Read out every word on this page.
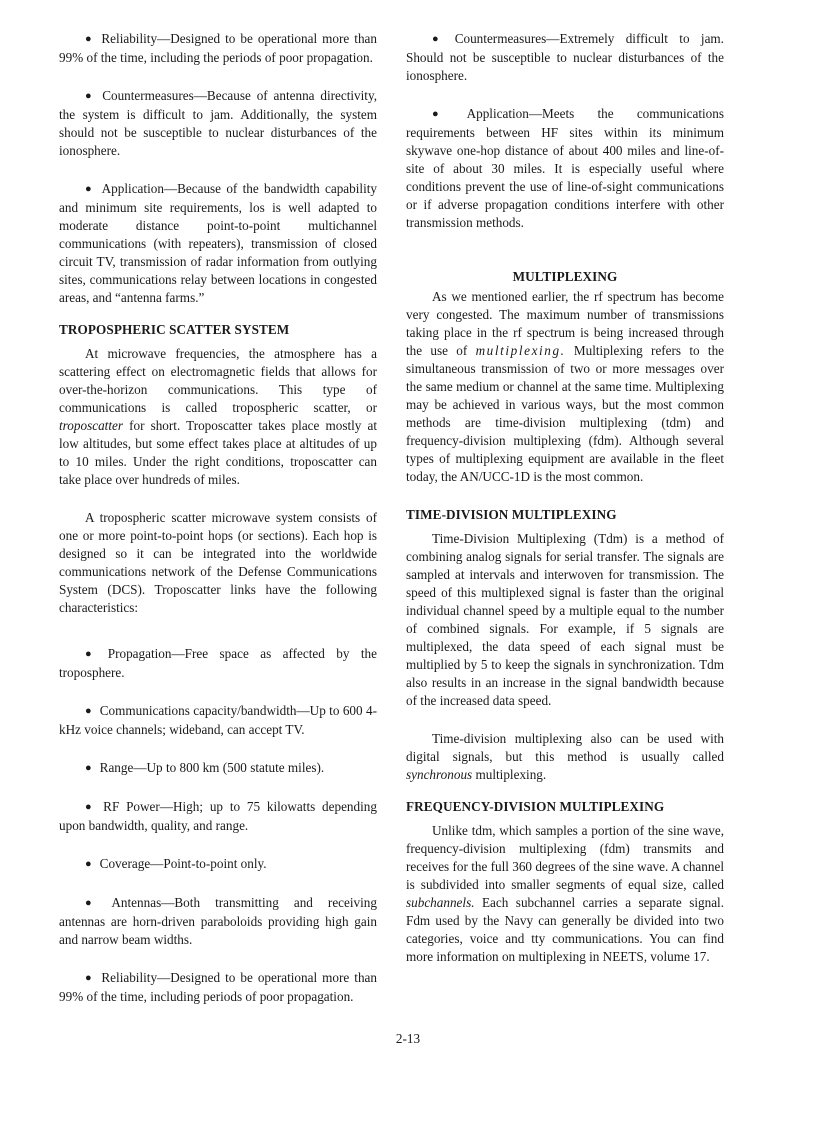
● Reliability—Designed to be operational more than 99% of the time, including the periods of poor propagation.

● Countermeasures—Because of antenna directivity, the system is difficult to jam. Additionally, the system should not be susceptible to nuclear disturbances of the ionosphere.

● Application—Because of the bandwidth capability and minimum site requirements, los is well adapted to moderate distance point-to-point multichannel communications (with repeaters), transmission of closed circuit TV, transmission of radar information from outlying sites, communications relay between locations in congested areas, and “antenna farms.”

TROPOSPHERIC SCATTER SYSTEM

At microwave frequencies, the atmosphere has a scattering effect on electromagnetic fields that allows for over-the-horizon communications. This type of communications is called tropospheric scatter, or troposcatter for short. Troposcatter takes place mostly at low altitudes, but some effect takes place at altitudes of up to 10 miles. Under the right conditions, troposcatter can take place over hundreds of miles.

A tropospheric scatter microwave system consists of one or more point-to-point hops (or sections). Each hop is designed so it can be integrated into the worldwide communications network of the Defense Communications System (DCS). Troposcatter links have the following characteristics:

● Propagation—Free space as affected by the troposphere.

● Communications capacity/bandwidth—Up to 600 4-kHz voice channels; wideband, can accept TV.

● Range—Up to 800 km (500 statute miles).

● RF Power—High; up to 75 kilowatts depending upon bandwidth, quality, and range.

● Coverage—Point-to-point only.

● Antennas—Both transmitting and receiving antennas are horn-driven paraboloids providing high gain and narrow beam widths.

● Reliability—Designed to be operational more than 99% of the time, including periods of poor propagation.

● Countermeasures—Extremely difficult to jam. Should not be susceptible to nuclear disturbances of the ionosphere.

● Application—Meets the communications requirements between HF sites within its minimum skywave one-hop distance of about 400 miles and line-of-site of about 30 miles. It is especially useful where conditions prevent the use of line-of-sight communications or if adverse propagation conditions interfere with other transmission methods.

MULTIPLEXING

As we mentioned earlier, the rf spectrum has become very congested. The maximum number of transmissions taking place in the rf spectrum is being increased through the use of multiplexing. Multiplexing refers to the simultaneous transmission of two or more messages over the same medium or channel at the same time. Multiplexing may be achieved in various ways, but the most common methods are time-division multiplexing (tdm) and frequency-division multiplexing (fdm). Although several types of multiplexing equipment are available in the fleet today, the AN/UCC-1D is the most common.

TIME-DIVISION MULTIPLEXING

Time-Division Multiplexing (Tdm) is a method of combining analog signals for serial transfer. The signals are sampled at intervals and interwoven for transmission. The speed of this multiplexed signal is faster than the original individual channel speed by a multiple equal to the number of combined signals. For example, if 5 signals are multiplexed, the data speed of each signal must be multiplied by 5 to keep the signals in synchronization. Tdm also results in an increase in the signal bandwidth because of the increased data speed.

Time-division multiplexing also can be used with digital signals, but this method is usually called synchronous multiplexing.

FREQUENCY-DIVISION MULTIPLEXING

Unlike tdm, which samples a portion of the sine wave, frequency-division multiplexing (fdm) transmits and receives for the full 360 degrees of the sine wave. A channel is subdivided into smaller segments of equal size, called subchannels. Each subchannel carries a separate signal. Fdm used by the Navy can generally be divided into two categories, voice and tty communications. You can find more information on multiplexing in NEETS, volume 17.

2-13
